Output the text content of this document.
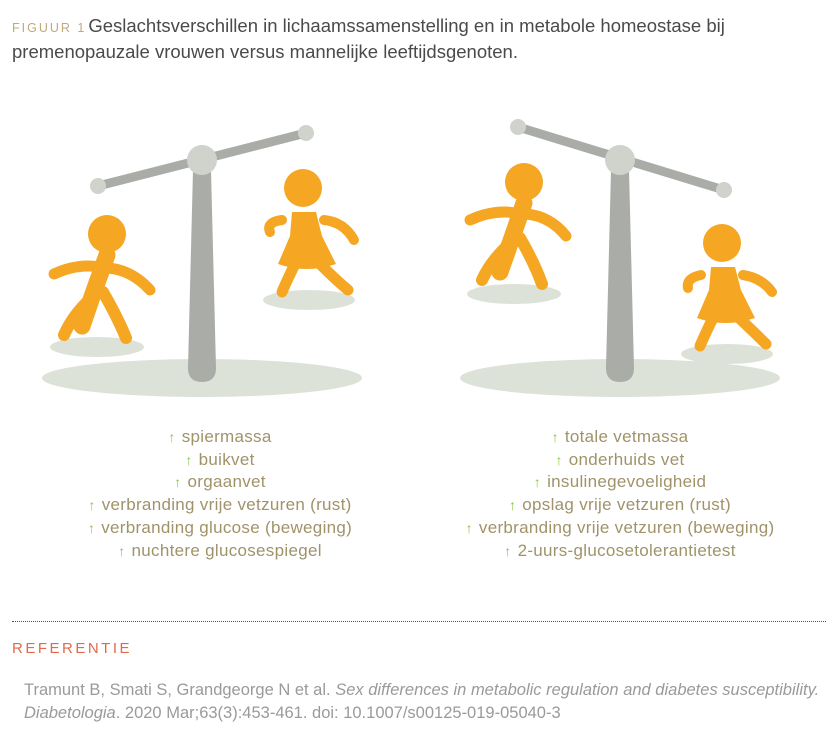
FIGUUR 1 Geslachtsverschillen in lichaamssamenstelling en in metabole homeostase bij premenopauzale vrouwen versus mannelijke leeftijdsgenoten.
↑ spiermassa
↑ buikvet
↑ orgaanvet
↑ verbranding vrije vetzuren (rust)
↑ verbranding glucose (beweging)
↑ nuchtere glucosespiegel
↑ totale vetmassa
↑ onderhuids vet
↑ insulinegevoeligheid
↑ opslag vrije vetzuren (rust)
↑ verbranding vrije vetzuren (beweging)
↑ 2-uurs-glucosetolerantietest
REFERENTIE
Tramunt B, Smati S, Grandgeorge N et al. Sex differences in metabolic regulation and diabetes susceptibility. Diabetologia. 2020 Mar;63(3):453-461. doi: 10.1007/s00125-019-05040-3
